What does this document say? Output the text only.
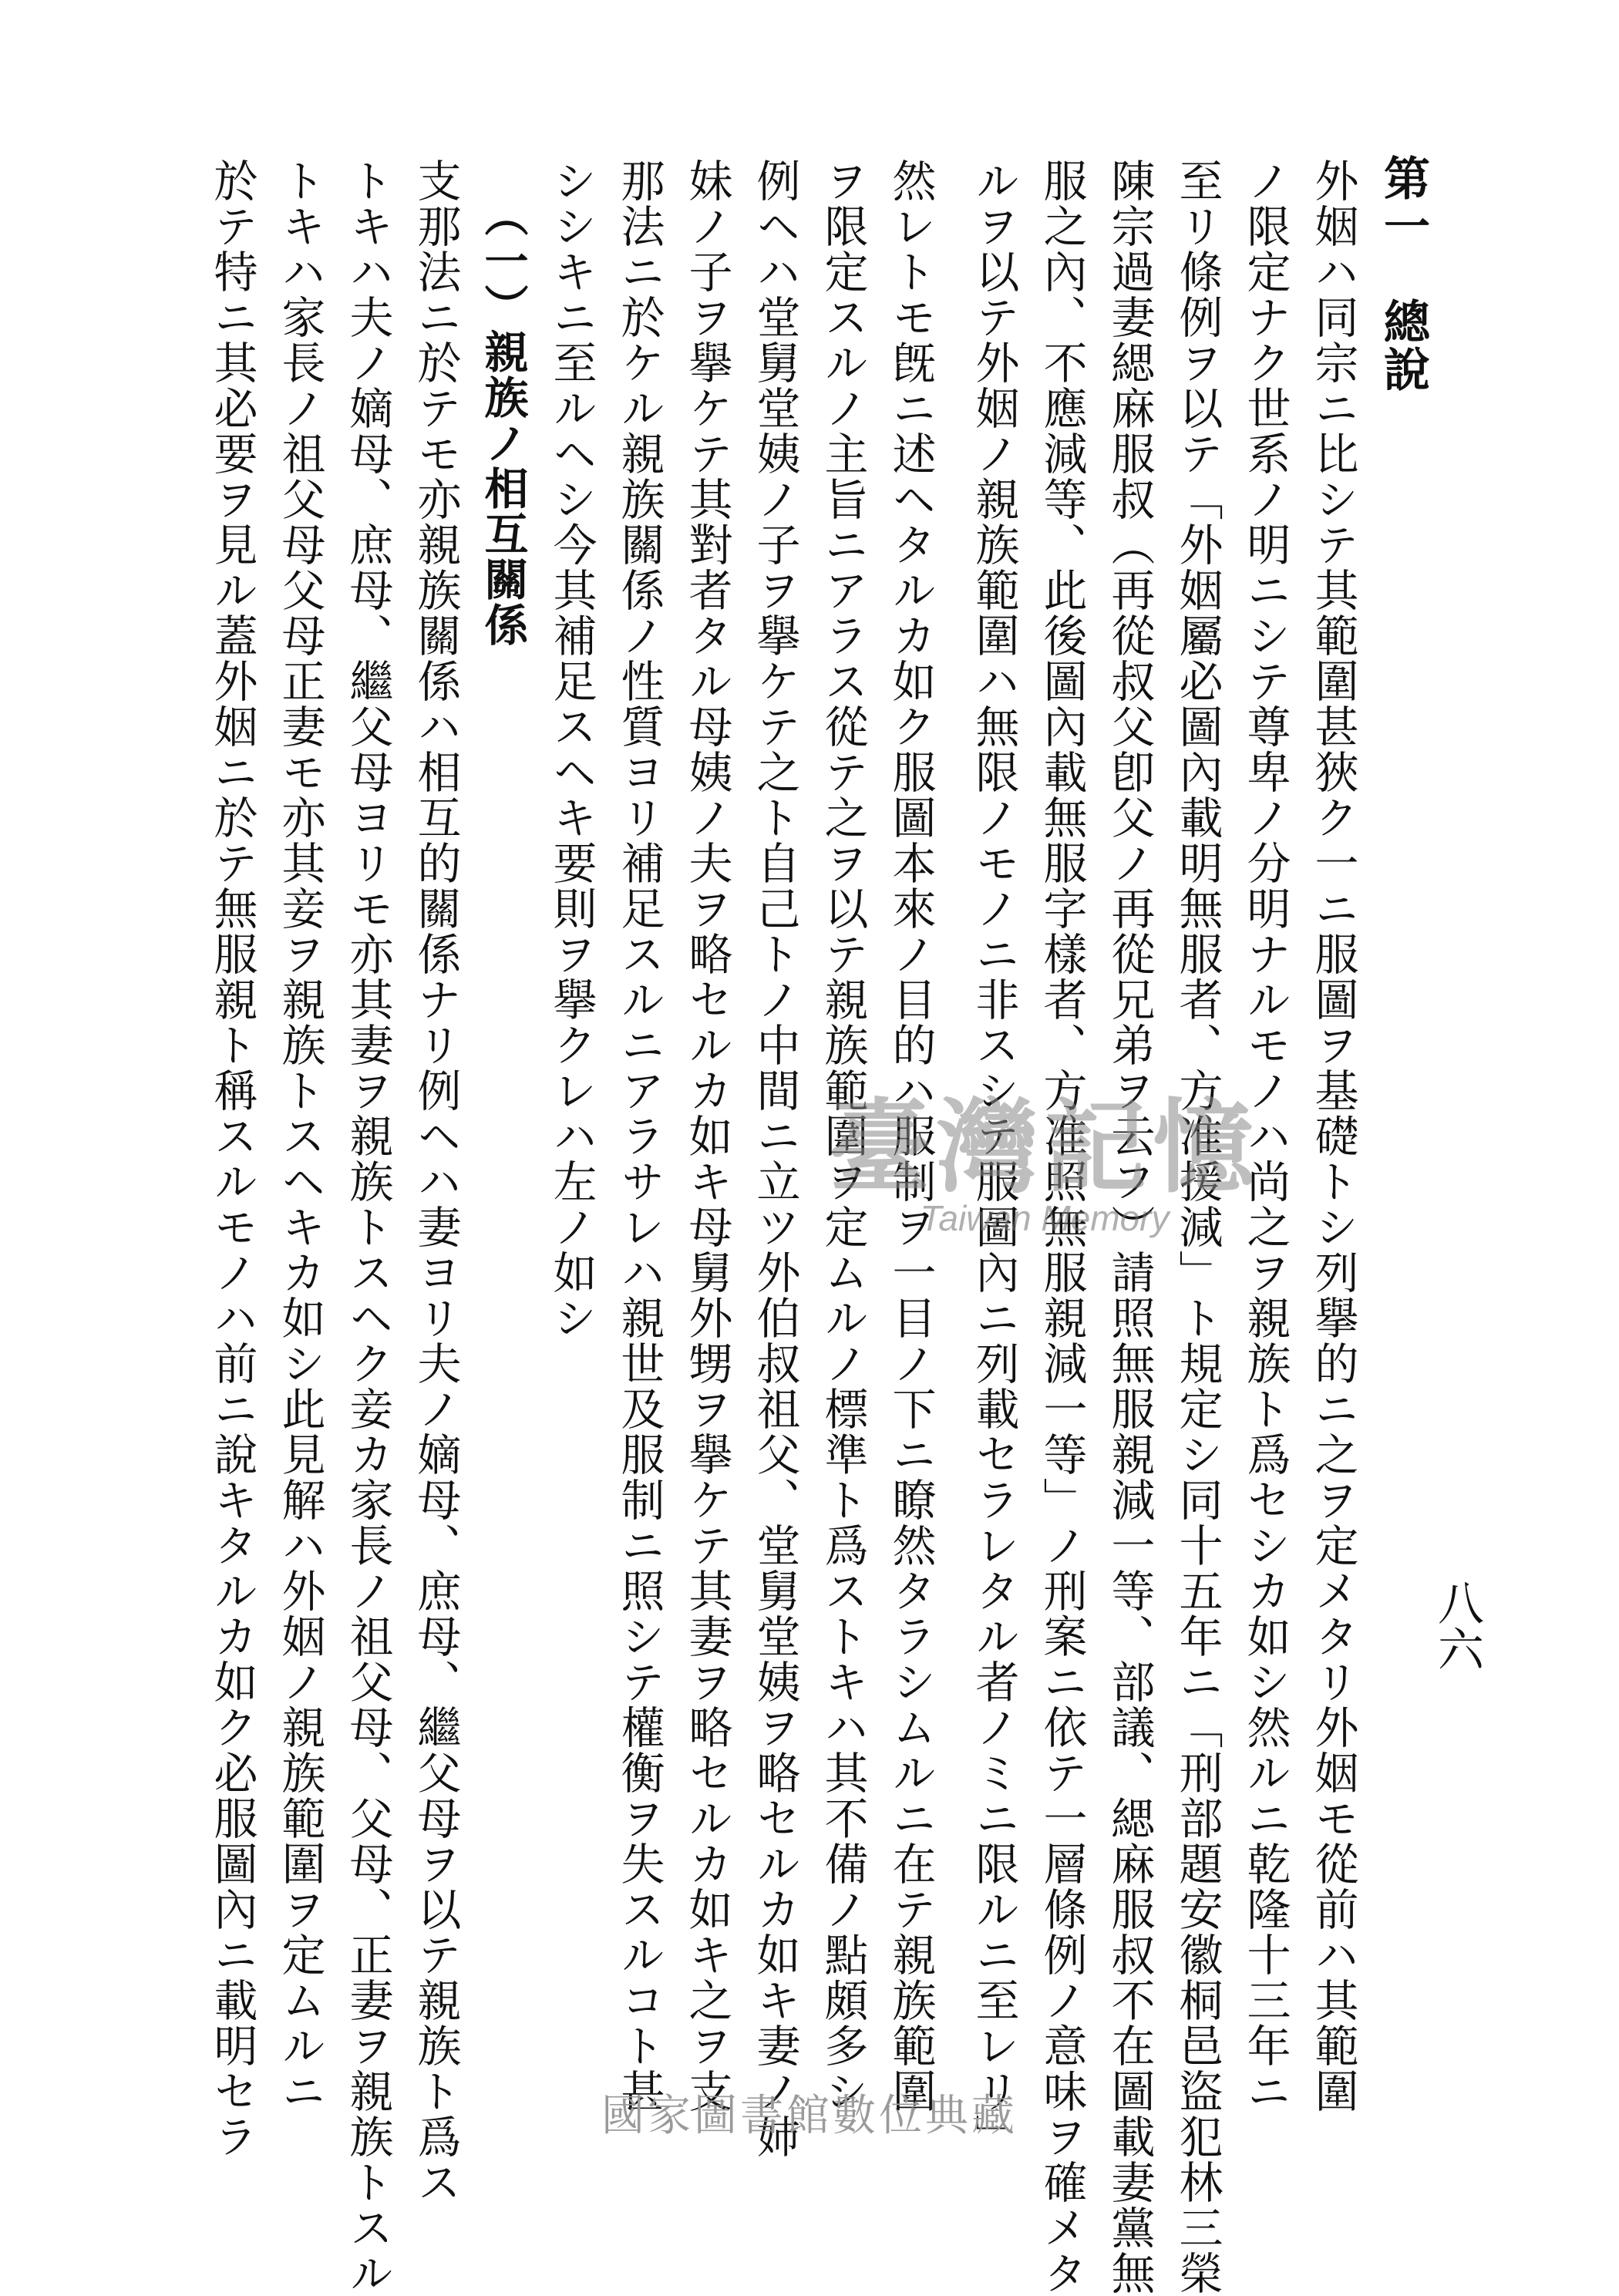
八六

第一　總說

外姻ハ同宗ニ比シテ其範圍甚狹ク一ニ服圖ヲ基礎トシ列擧的ニ之ヲ定メタリ外姻モ從前ハ其範圍

ノ限定ナク世系ノ明ニシテ尊卑ノ分明ナルモノハ尚之ヲ親族ト爲セシカ如シ然ルニ乾隆十三年ニ

至リ條例ヲ以テ「外姻屬必圖內載明無服者、方准援減」ト規定シ同十五年ニ「刑部題安徽桐邑盜犯林三榮

陳宗過妻緦麻服叔（再從叔父卽父ノ再從兄弟ヲ云フ）請照無服親減一等、部議、緦麻服叔不在圖載妻黨無

服之內、不應減等、此後圖內載無服字樣者、方准照無服親減一等」ノ刑案ニ依テ一層條例ノ意味ヲ確メタ

ルヲ以テ外姻ノ親族範圍ハ無限ノモノニ非スシテ服圖內ニ列載セラレタル者ノミニ限ルニ至レリ」

然レトモ旣ニ述ヘタルカ如ク服圖本來ノ目的ハ服制ヲ一目ノ下ニ瞭然タラシムルニ在テ親族範圍

ヲ限定スルノ主旨ニアラス從テ之ヲ以テ親族範圍ヲ定ムルノ標準ト爲ストキハ其不備ノ點頗多シ

例ヘハ堂舅堂姨ノ子ヲ擧ケテ之ト自己トノ中間ニ立ツ外伯叔祖父、堂舅堂姨ヲ略セルカ如キ妻ノ姉

妹ノ子ヲ擧ケテ其對者タル母姨ノ夫ヲ略セルカ如キ母舅外甥ヲ擧ケテ其妻ヲ略セルカ如キ之ヲ支

那法ニ於ケル親族關係ノ性質ヨリ補足スルニアラサレハ親世及服制ニ照シテ權衡ヲ失スルコト甚

シシキニ至ルヘシ今其補足スヘキ要則ヲ擧クレハ左ノ如シ

（一）親族ノ相互關係

支那法ニ於テモ亦親族關係ハ相互的關係ナリ例ヘハ妻ヨリ夫ノ嫡母、庶母、繼父母ヲ以テ親族ト爲ス

トキハ夫ノ嫡母、庶母、繼父母ヨリモ亦其妻ヲ親族トスヘク妾カ家長ノ祖父母、父母、正妻ヲ親族トスル

トキハ家長ノ祖父母父母正妻モ亦其妾ヲ親族トスヘキカ如シ此見解ハ外姻ノ親族範圍ヲ定ムルニ

於テ特ニ其必要ヲ見ル蓋外姻ニ於テ無服親ト稱スルモノハ前ニ說キタルカ如ク必服圖內ニ載明セラ	臺灣記憶
Taiwan Memory
國家圖書館數位典藏
